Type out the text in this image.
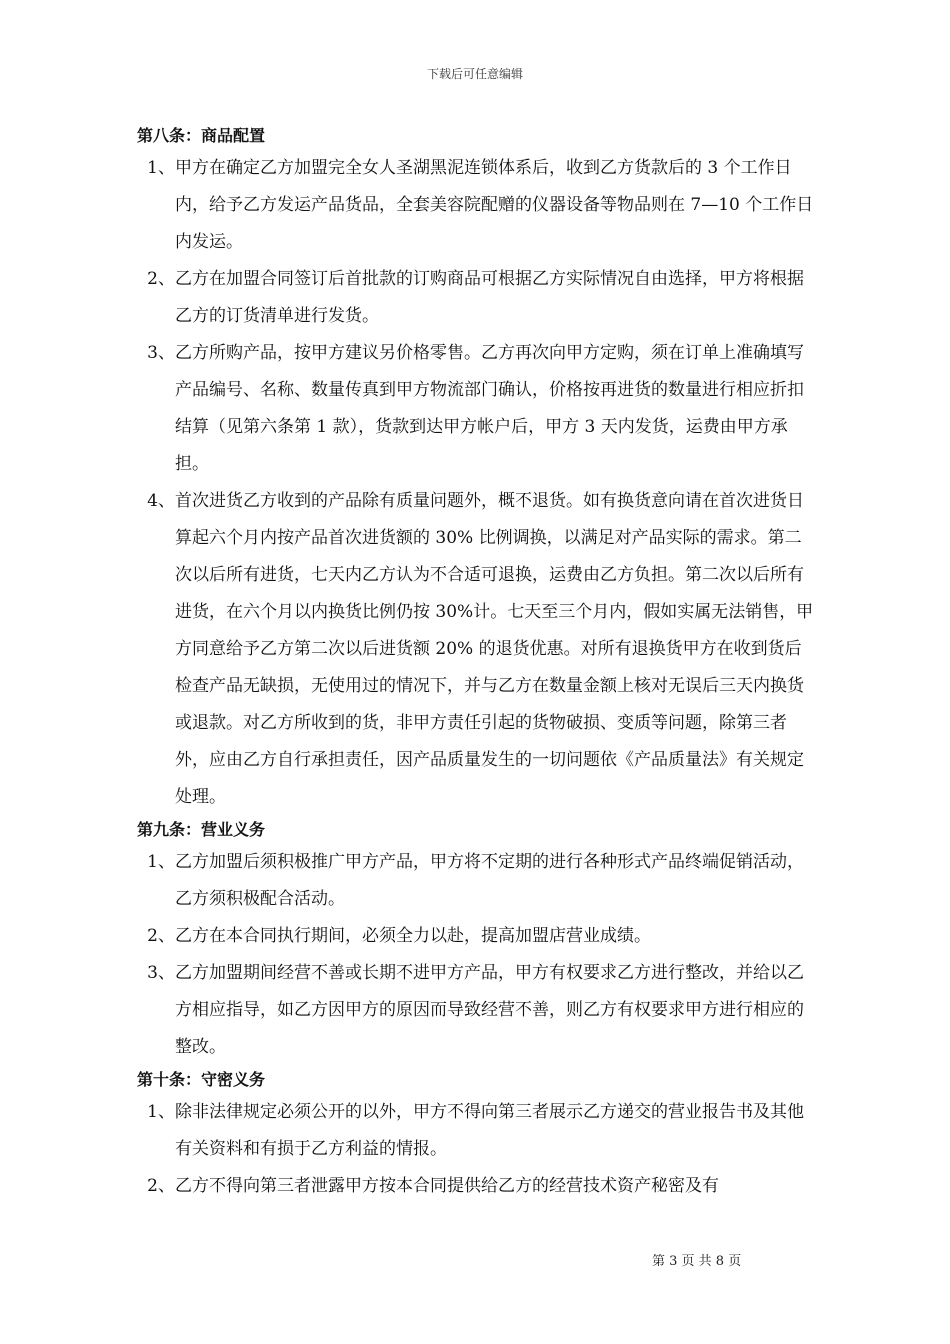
下载后可任意编辑
第八条：商品配置
1、 甲方在确定乙方加盟完全女人圣湖黑泥连锁体系后，收到乙方货款后的 3 个工作日内，给予乙方发运产品货品，全套美容院配赠的仪器设备等物品则在 7—10 个工作日内发运。
2、 乙方在加盟合同签订后首批款的订购商品可根据乙方实际情况自由选择，甲方将根据乙方的订货清单进行发货。
3、 乙方所购产品，按甲方建议另价格零售。乙方再次向甲方定购，须在订单上准确填写产品编号、名称、数量传真到甲方物流部门确认，价格按再进货的数量进行相应折扣结算（见第六条第 1 款），货款到达甲方帐户后，甲方 3 天内发货，运费由甲方承担。
4、 首次进货乙方收到的产品除有质量问题外，概不退货。如有换货意向请在首次进货日算起六个月内按产品首次进货额的 30% 比例调换，以满足对产品实际的需求。第二次以后所有进货，七天内乙方认为不合适可退换，运费由乙方负担。第二次以后所有进货，在六个月以内换货比例仍按 30%计。七天至三个月内，假如实属无法销售，甲方同意给予乙方第二次以后进货额 20% 的退货优惠。对所有退换货甲方在收到货后检查产品无缺损，无使用过的情况下，并与乙方在数量金额上核对无误后三天内换货或退款。对乙方所收到的货，非甲方责任引起的货物破损、变质等问题，除第三者外，应由乙方自行承担责任，因产品质量发生的一切问题依《产品质量法》有关规定处理。
第九条：营业义务
1、 乙方加盟后须积极推广甲方产品，甲方将不定期的进行各种形式产品终端促销活动，乙方须积极配合活动。
2、 乙方在本合同执行期间，必须全力以赴，提高加盟店营业成绩。
3、 乙方加盟期间经营不善或长期不进甲方产品，甲方有权要求乙方进行整改，并给以乙方相应指导，如乙方因甲方的原因而导致经营不善，则乙方有权要求甲方进行相应的整改。
第十条：守密义务
1、 除非法律规定必须公开的以外，甲方不得向第三者展示乙方递交的营业报告书及其他有关资料和有损于乙方利益的情报。
2、 乙方不得向第三者泄露甲方按本合同提供给乙方的经营技术资产秘密及有
第 3 页 共 8 页
